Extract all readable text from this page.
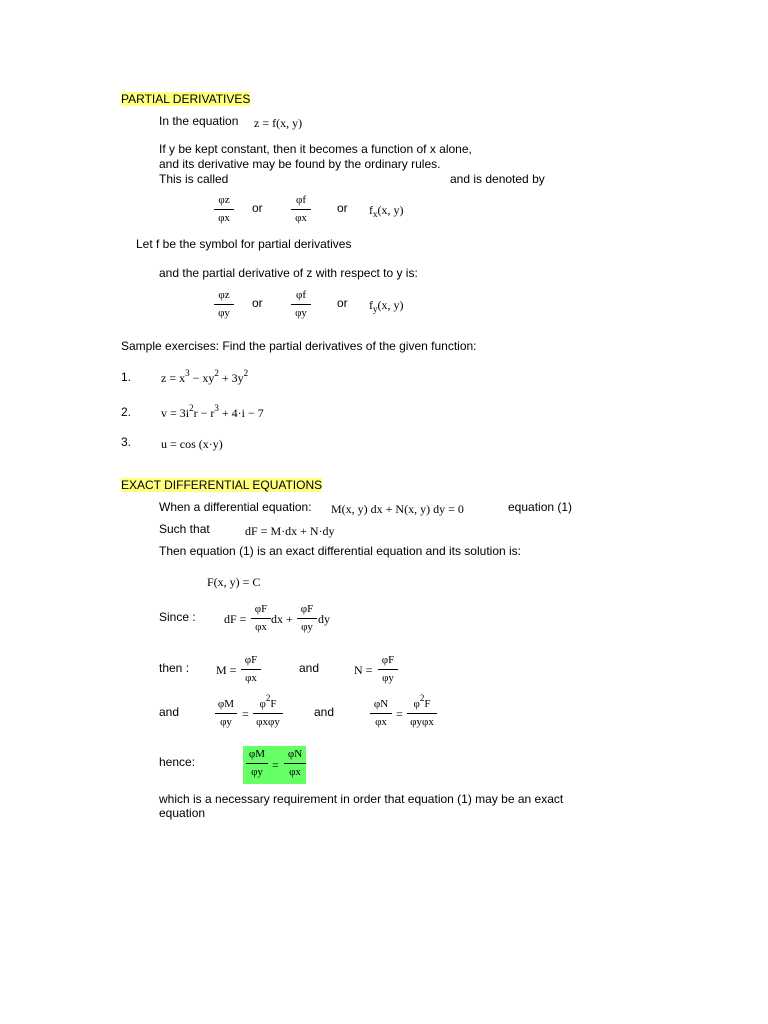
PARTIAL DERIVATIVES
In the equation z = f(x, y)
If y be kept constant, then it becomes a function of x alone,
and its derivative may be found by the ordinary rules.
This is called	and is denoted by
φz
φx
or
φf
φx
or $f_x(x$, y)
Let f be the symbol for partial derivatives
and the partial derivative of z with respect to y is:
φz
φy
or
φf
φy
or $f_y(x$, y)
Sample exercises: Find the partial derivatives of the given function:
1. $z = x^3 - xy^2 + 3y^2$
2. $v = 3i^2r - r^3 + 4\cdot i - 7$
3. u = cos (x·y)
EXACT DIFFERENTIAL EQUATIONS
When a differential equation: M(x, y) dx + N(x, y) dy = 0	equation (1)
Such that	dF = M·dx + N·dy
Then equation (1) is an exact differential equation and its solution is:
F(x, y) = C
Since : dF =
φF
φx
dx +
φF
φy
dy
then : M =
φF
φx
and	N =
φF
φy
and
φM
φy
=
$\varphi^2F$
φxφy
and
φN
φx
=
$\varphi^2F$
φyφx
hence:
φM
φy =
φN
φx
which is a necessary requirement in order that equation (1) may be an exact
equation
